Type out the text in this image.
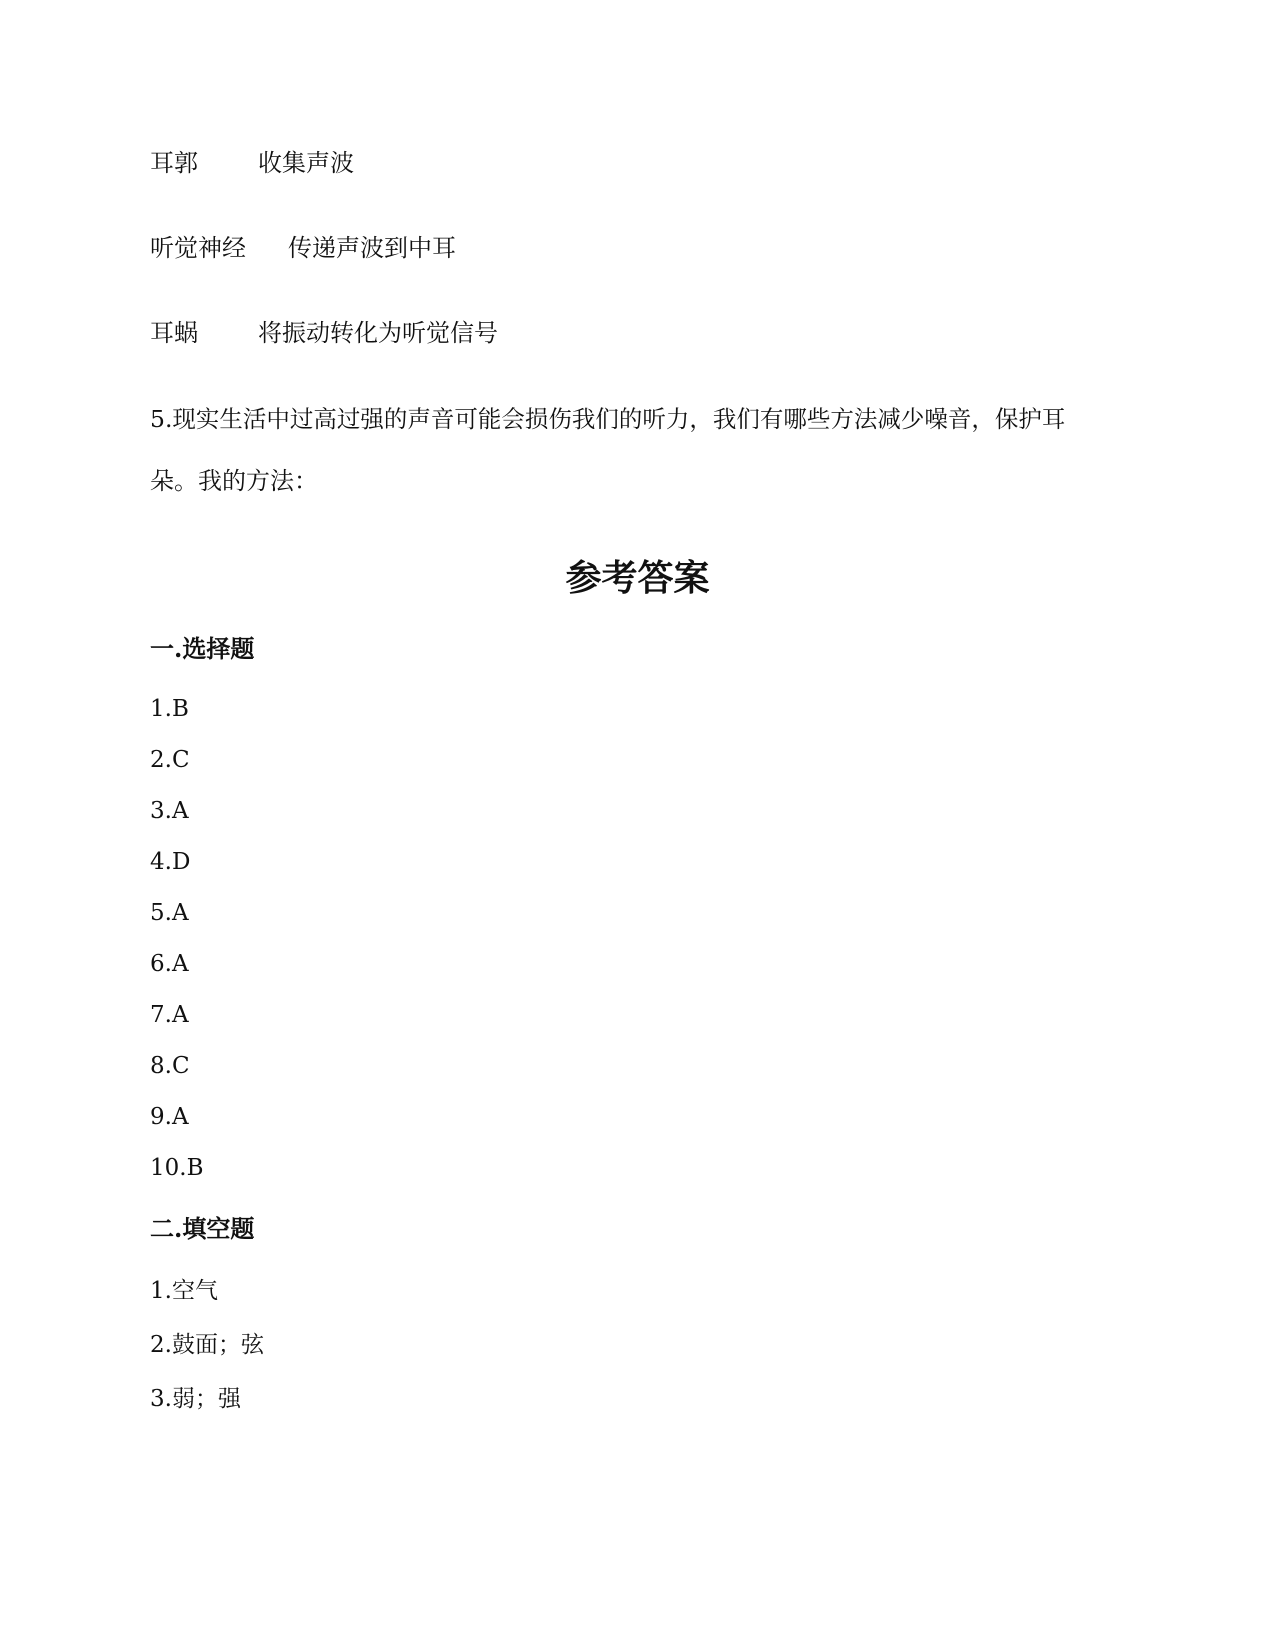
耳郭	收集声波
听觉神经 传递声波到中耳
耳蜗	将振动转化为听觉信号
5.现实生活中过高过强的声音可能会损伤我们的听力，我们有哪些方法减少噪音，保护耳
朵。我的方法：
参考答案
一.选择题
1.B
2.C
3.A
4.D
5.A
6.A
7.A
8.C
9.A
10.B
二.填空题
1.空气
2.鼓面；弦
3.弱；强
